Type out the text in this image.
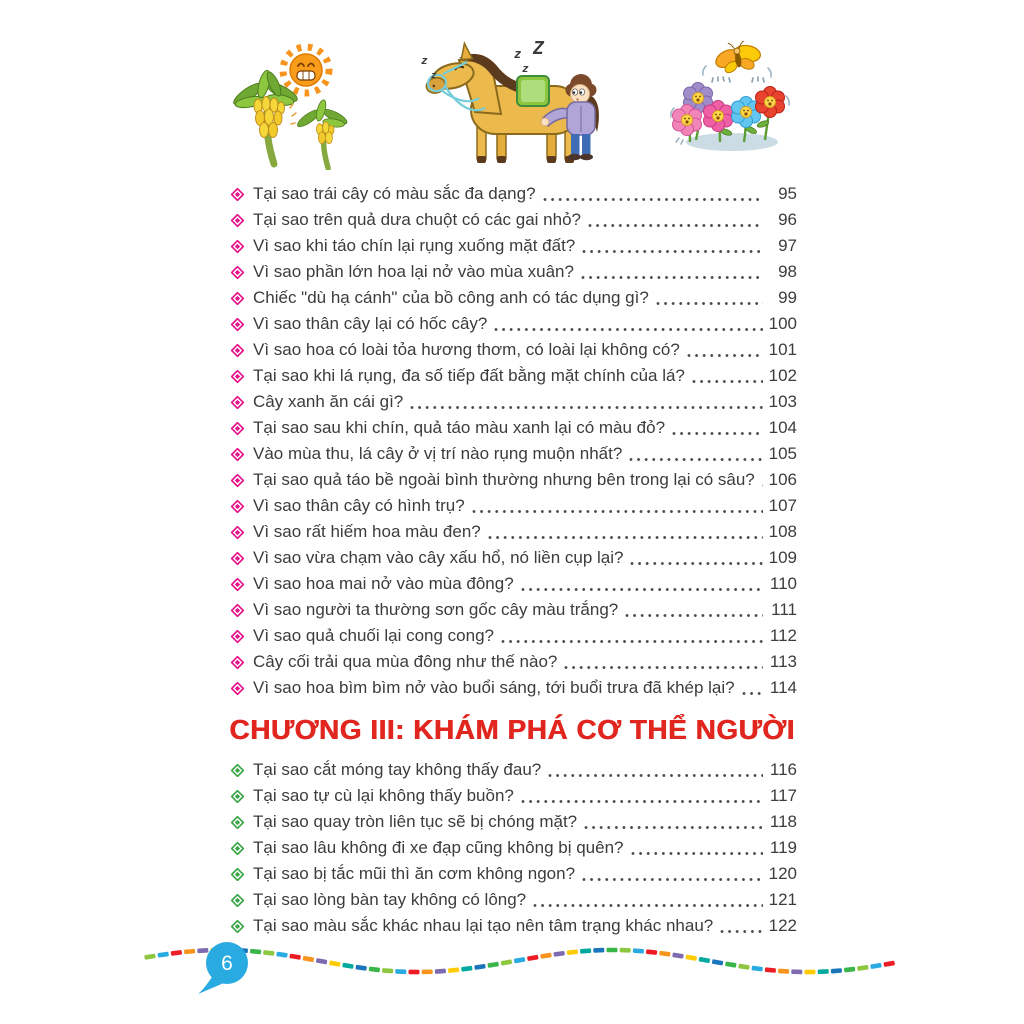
z
z
z Z
z
Tại sao trái cây có màu sắc đa dạng?	95
Tại sao trên quả dưa chuột có các gai nhỏ?	96
Vì sao khi táo chín lại rụng xuống mặt đất?	97
Vì sao phần lớn hoa lại nở vào mùa xuân?	98
Chiếc "dù hạ cánh" của bồ công anh có tác dụng gì?	99
Vì sao thân cây lại có hốc cây?	100
Vì sao hoa có loài tỏa hương thơm, có loài lại không có?	101
Tại sao khi lá rụng, đa số tiếp đất bằng mặt chính của lá?	102
Cây xanh ăn cái gì?	103
Tại sao sau khi chín, quả táo màu xanh lại có màu đỏ?	104
Vào mùa thu, lá cây ở vị trí nào rụng muộn nhất?	105
Tại sao quả táo bề ngoài bình thường nhưng bên trong lại có sâu? 106
Vì sao thân cây có hình trụ?	107
Vì sao rất hiếm hoa màu đen?	108
Vì sao vừa chạm vào cây xấu hổ, nó liền cụp lại?	109
Vì sao hoa mai nở vào mùa đông?	110
Vì sao người ta thường sơn gốc cây màu trắng?	111
Vì sao quả chuối lại cong cong?	112
Cây cối trải qua mùa đông như thế nào?	113
Vì sao hoa bìm bìm nở vào buổi sáng, tới buổi trưa đã khép lại? 114
CHƯƠNG III: KHÁM PHÁ CƠ THỂ NGƯỜI
Tại sao cắt móng tay không thấy đau?	116
Tại sao tự cù lại không thấy buồn?	117
Tại sao quay tròn liên tục sẽ bị chóng mặt?	118
Tại sao lâu không đi xe đạp cũng không bị quên?	119
Tại sao bị tắc mũi thì ăn cơm không ngon?	120
Tại sao lòng bàn tay không có lông?	121
Tại sao màu sắc khác nhau lại tạo nên tâm trạng khác nhau?	122
6
